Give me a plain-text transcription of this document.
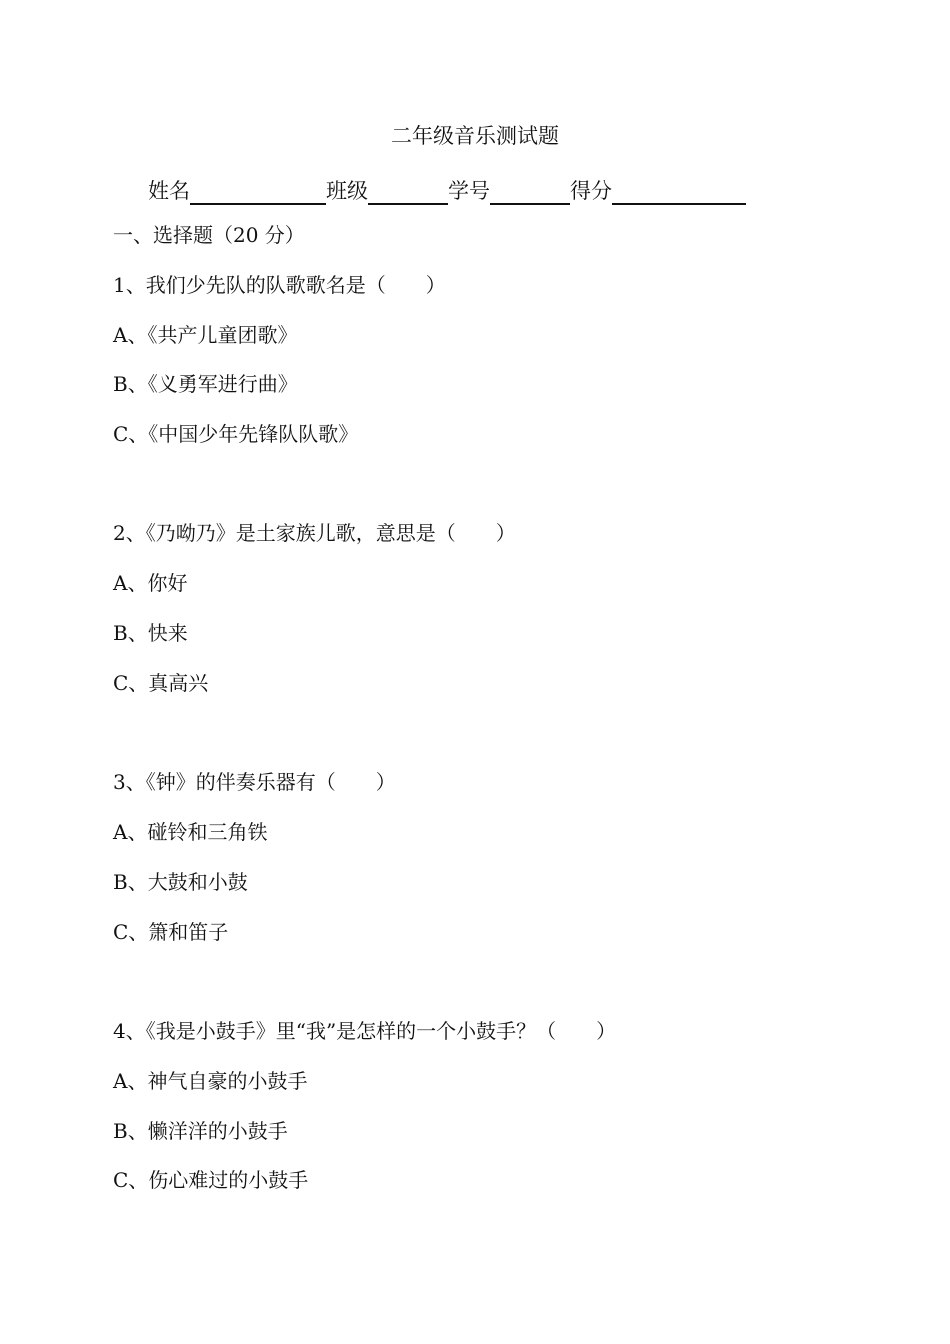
二年级音乐测试题
姓名	班级	学号	得分
一、选择题（20 分）
1、我们少先队的队歌歌名是（　　）
A、《共产儿童团歌》
B、《义勇军进行曲》
C、《中国少年先锋队队歌》
2、《乃呦乃》是土家族儿歌，意思是（　　）
A、你好
B、快来
C、真高兴
3、《钟》的伴奏乐器有（　　）
A、碰铃和三角铁
B、大鼓和小鼓
C、箫和笛子
4、《我是小鼓手》里“我”是怎样的一个小鼓手？（　　）
A、神气自豪的小鼓手
B、懒洋洋的小鼓手
C、伤心难过的小鼓手
